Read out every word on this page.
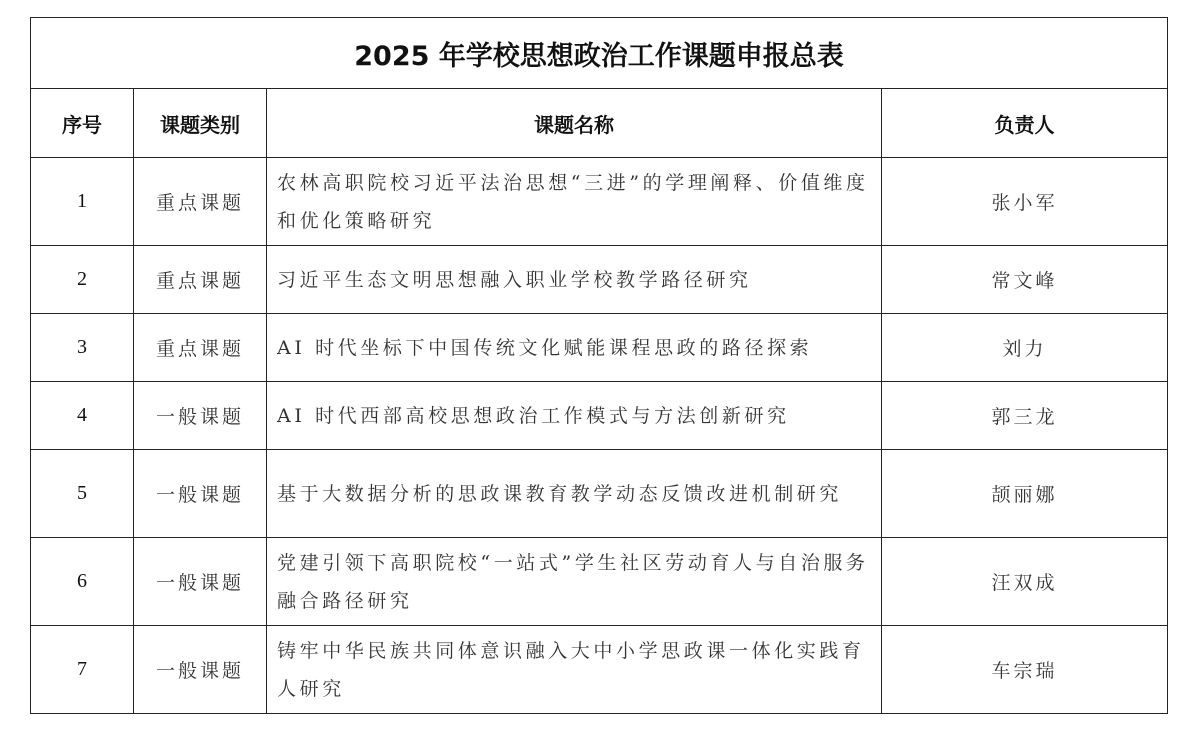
2025 年学校思想政治工作课题申报总表			
序号	课题类别	课题名称	负责人
1	重点课题	农林高职院校习近平法治思想“三进”的学理阐释、价值维度和优化策略研究	张小军
2	重点课题	习近平生态文明思想融入职业学校教学路径研究	常文峰
3	重点课题	AI 时代坐标下中国传统文化赋能课程思政的路径探索	刘力
4	一般课题	AI 时代西部高校思想政治工作模式与方法创新研究	郭三龙
5	一般课题	基于大数据分析的思政课教育教学动态反馈改进机制研究	颉丽娜
6	一般课题	党建引领下高职院校“一站式”学生社区劳动育人与自治服务融合路径研究	汪双成
7	一般课题	铸牢中华民族共同体意识融入大中小学思政课一体化实践育人研究	车宗瑞
